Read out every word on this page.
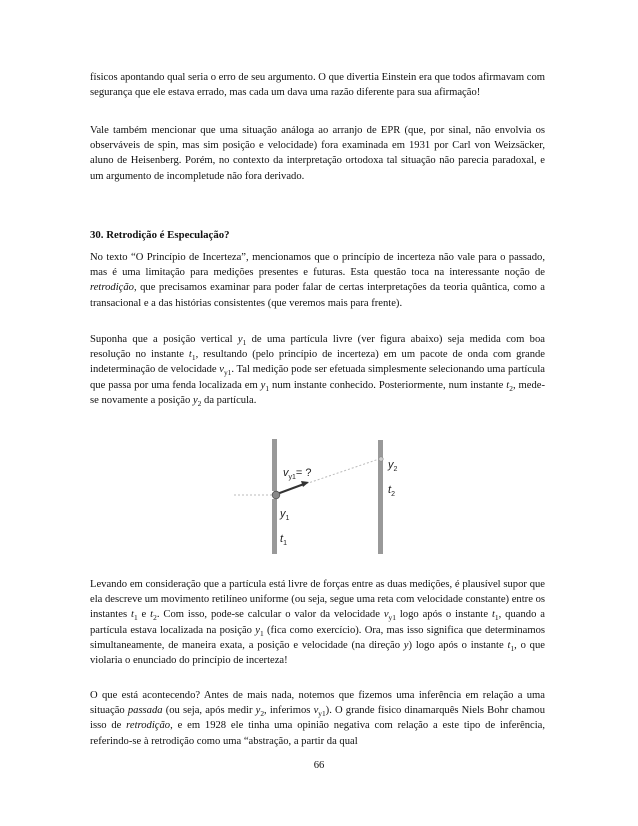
físicos apontando qual seria o erro de seu argumento. O que divertia Einstein era que todos afirmavam com segurança que ele estava errado, mas cada um dava uma razão diferente para sua afirmação!

Vale também mencionar que uma situação análoga ao arranjo de EPR (que, por sinal, não envolvia os observáveis de spin, mas sim posição e velocidade) fora examinada em 1931 por Carl von Weizsäcker, aluno de Heisenberg. Porém, no contexto da interpretação ortodoxa tal situação não parecia paradoxal, e um argumento de incompletude não fora derivado.

30. Retrodição é Especulação?

No texto “O Princípio de Incerteza”, mencionamos que o princípio de incerteza não vale para o passado, mas é uma limitação para medições presentes e futuras. Esta questão toca na interessante noção de retrodição, que precisamos examinar para poder falar de certas interpretações da teoria quântica, como a transacional e a das histórias consistentes (que veremos mais para frente).

Suponha que a posição vertical $y_1$ de uma partícula livre (ver figura abaixo) seja medida com boa resolução no instante $t_1$, resultando (pelo princípio de incerteza) em um pacote de onda com grande indeterminação de velocidade $v_{y1}$. Tal medição pode ser efetuada simplesmente selecionando uma partícula que passa por uma fenda localizada em $y_1$ num instante conhecido. Posteriormente, num instante $t_2$, mede-se novamente a posição $y_2$ da partícula.

$v_{y1}=$ ?
$y_1$
$t_1$
$y_2$
$t_2$

Levando em consideração que a partícula está livre de forças entre as duas medições, é plausível supor que ela descreve um movimento retilíneo uniforme (ou seja, segue uma reta com velocidade constante) entre os instantes $t_1$ e $t_2$. Com isso, pode-se calcular o valor da velocidade $v_{y1}$ logo após o instante $t_1$, quando a partícula estava localizada na posição $y_1$ (fica como exercício). Ora, mas isso significa que determinamos simultaneamente, de maneira exata, a posição e velocidade (na direção y) logo após o instante $t_1$, o que violaria o enunciado do princípio de incerteza!

O que está acontecendo? Antes de mais nada, notemos que fizemos uma inferência em relação a uma situação passada (ou seja, após medir $y_2$, inferimos $v_{y1}$). O grande físico dinamarquês Niels Bohr chamou isso de retrodição, e em 1928 ele tinha uma opinião negativa com relação a este tipo de inferência, referindo-se à retrodição como uma “abstração, a partir da qual

66
